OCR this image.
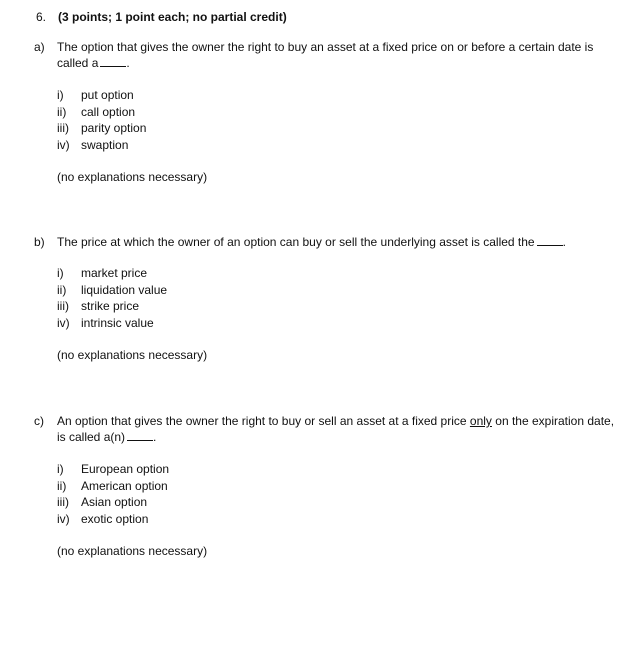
6. (3 points; 1 point each; no partial credit)
a) The option that gives the owner the right to buy an asset at a fixed price on or before a certain date is called a .
i) put option
ii) call option
iii) parity option
iv) swaption
(no explanations necessary)
b) The price at which the owner of an option can buy or sell the underlying asset is called the .
i) market price
ii) liquidation value
iii) strike price
iv) intrinsic value
(no explanations necessary)
c) An option that gives the owner the right to buy or sell an asset at a fixed price only on the expiration date, is called a(n) .
i) European option
ii) American option
iii) Asian option
iv) exotic option
(no explanations necessary)
